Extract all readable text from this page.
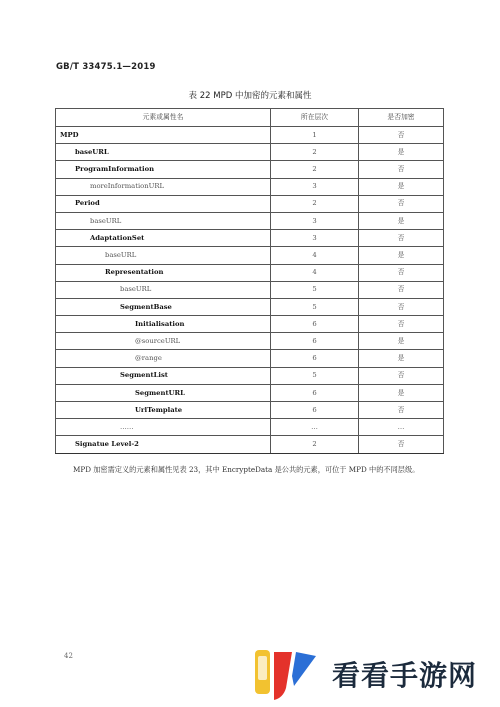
GB/T 33475.1—2019
表 22 MPD 中加密的元素和属性
元素或属性名	所在层次	是否加密
MPD	1	否
baseURL	2	是
ProgramInformation	2	否
moreInformationURL	3	是
Period	2	否
baseURL	3	是
AdaptationSet	3	否
baseURL	4	是
Representation	4	否
baseURL	5	否
SegmentBase	5	否
Initialisation	6	否
@sourceURL	6	是
@range	6	是
SegmentList	5	否
SegmentURL	6	是
UrlTemplate	6	否
……	…	…
Signatue Level-2	2	否
MPD 加密需定义的元素和属性见表 23，其中 EncrypteData 是公共的元素，可位于 MPD 中的不同层级。
42
看看手游网
